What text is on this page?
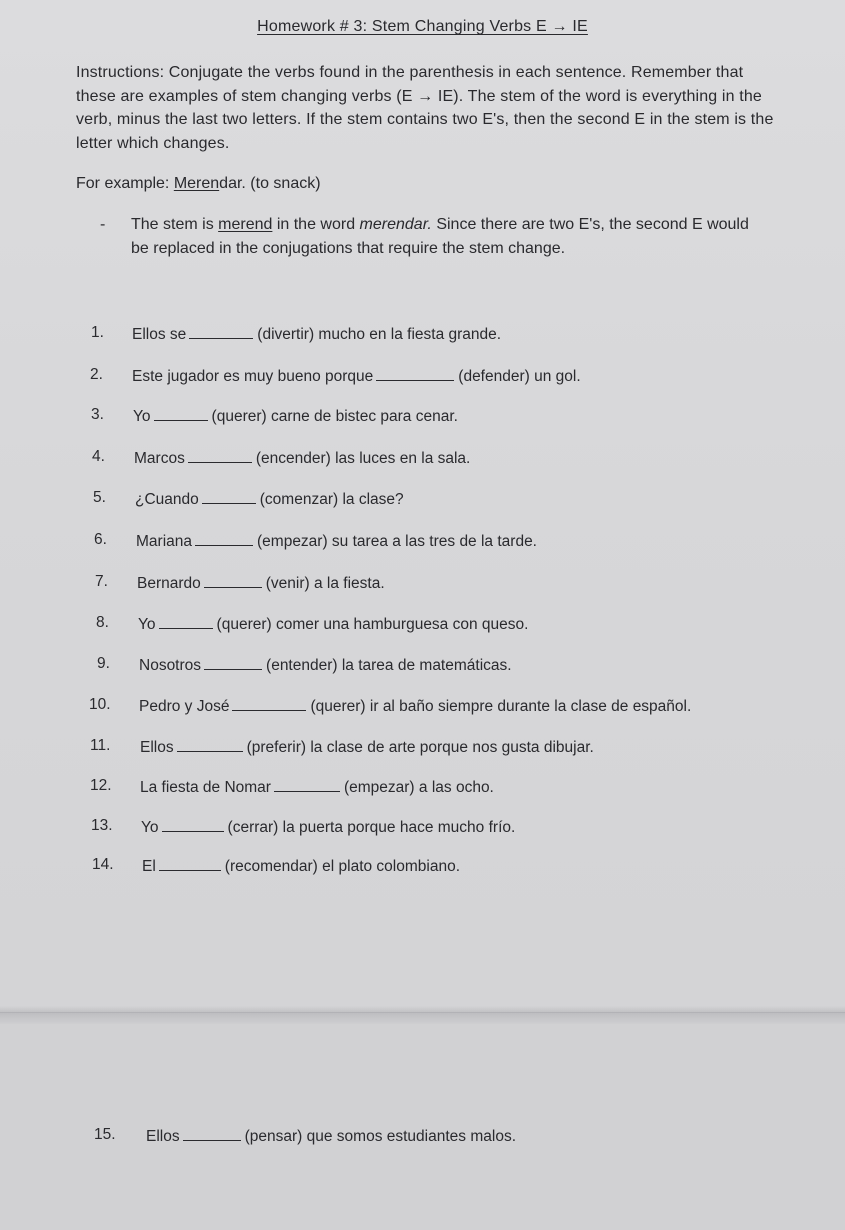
Homework # 3: Stem Changing Verbs E → IE
Instructions: Conjugate the verbs found in the parenthesis in each sentence. Remember that these are examples of stem changing verbs (E → IE). The stem of the word is everything in the verb, minus the last two letters. If the stem contains two E's, then the second E in the stem is the letter which changes.
For example: Merendar. (to snack)
- The stem is merend in the word merendar. Since there are two E's, the second E would be replaced in the conjugations that require the stem change.
1. Ellos se	(divertir) mucho en la fiesta grande.
2. Este jugador es muy bueno porque	(defender) un gol.
3. Yo	(querer) carne de bistec para cenar.
4. Marcos	(encender) las luces en la sala.
5. ¿Cuando	(comenzar) la clase?
6. Mariana	(empezar) su tarea a las tres de la tarde.
7. Bernardo	(venir) a la fiesta.
8. Yo	(querer) comer una hamburguesa con queso.
9. Nosotros	(entender) la tarea de matemáticas.
10. Pedro y José	(querer) ir al baño siempre durante la clase de español.
11. Ellos	(preferir) la clase de arte porque nos gusta dibujar.
12. La fiesta de Nomar	(empezar) a las ocho.
13. Yo	(cerrar) la puerta porque hace mucho frío.
14. El	(recomendar) el plato colombiano.
15. Ellos	(pensar) que somos estudiantes malos.
